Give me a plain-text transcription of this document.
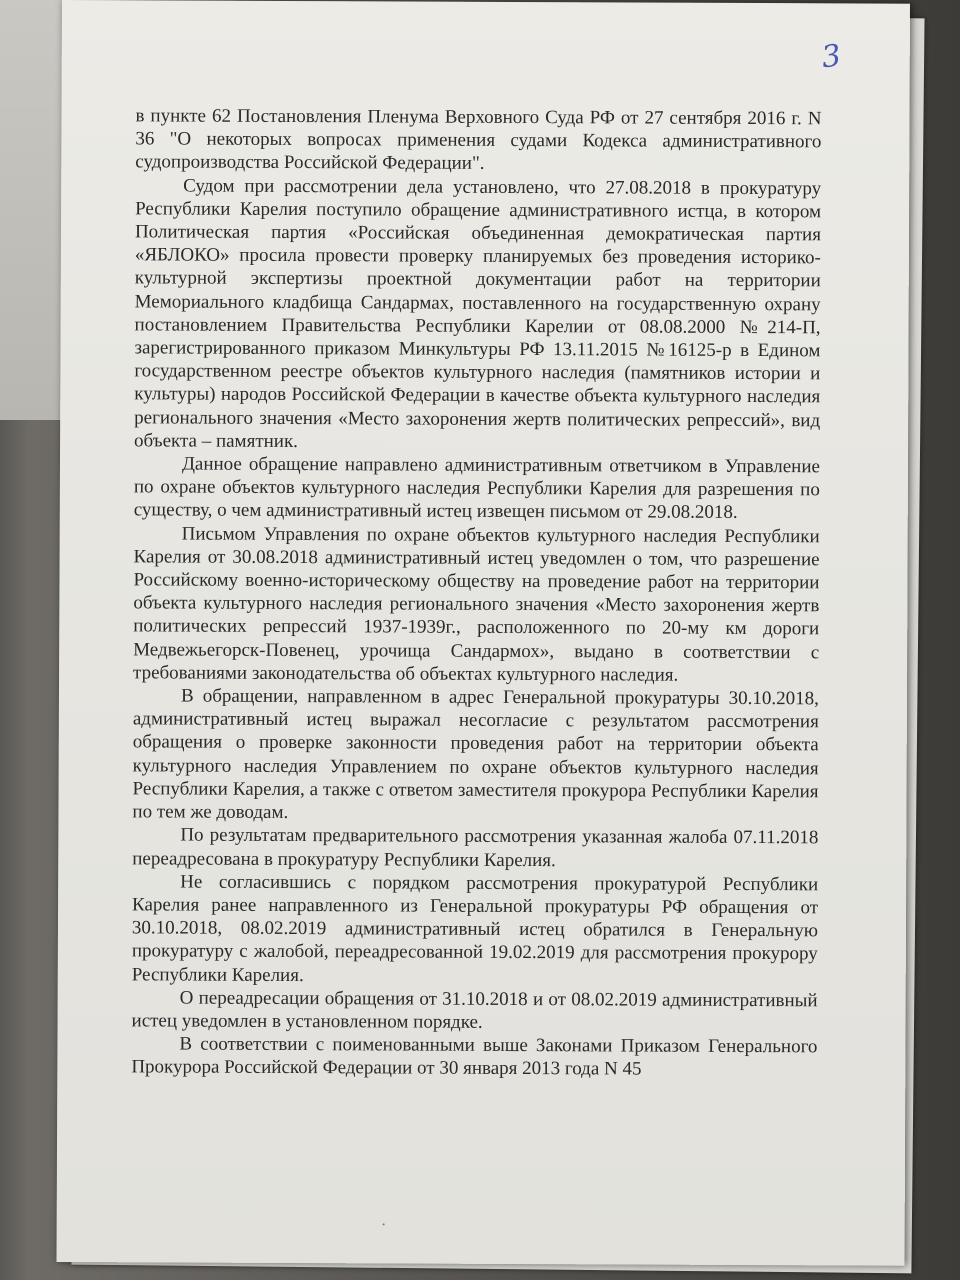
3

в пункте 62 Постановления Пленума Верховного Суда РФ от 27 сентября 2016 г. N 36 "О некоторых вопросах применения судами Кодекса административного судопроизводства Российской Федерации".

Судом при рассмотрении дела установлено, что 27.08.2018 в прокуратуру Республики Карелия поступило обращение административного истца, в котором Политическая партия «Российская объединенная демократическая партия «ЯБЛОКО» просила провести проверку планируемых без проведения историко-культурной экспертизы проектной документации работ на территории Мемориального кладбища Сандармах, поставленного на государственную охрану постановлением Правительства Республики Карелии от 08.08.2000 №214-П, зарегистрированного приказом Минкультуры РФ 13.11.2015 №16125-р в Едином государственном реестре объектов культурного наследия (памятников истории и культуры) народов Российской Федерации в качестве объекта культурного наследия регионального значения «Место захоронения жертв политических репрессий», вид объекта – памятник.

Данное обращение направлено административным ответчиком в Управление по охране объектов культурного наследия Республики Карелия для разрешения по существу, о чем административный истец извещен письмом от 29.08.2018.

Письмом Управления по охране объектов культурного наследия Республики Карелия от 30.08.2018 административный истец уведомлен о том, что разрешение Российскому военно-историческому обществу на проведение работ на территории объекта культурного наследия регионального значения «Место захоронения жертв политических репрессий 1937-1939г., расположенного по 20-му км дороги Медвежьегорск-Повенец, урочища Сандармох», выдано в соответствии с требованиями законодательства об объектах культурного наследия.

В обращении, направленном в адрес Генеральной прокуратуры 30.10.2018, административный истец выражал несогласие с результатом рассмотрения обращения о проверке законности проведения работ на территории объекта культурного наследия Управлением по охране объектов культурного наследия Республики Карелия, а также с ответом заместителя прокурора Республики Карелия по тем же доводам.

По результатам предварительного рассмотрения указанная жалоба 07.11.2018 переадресована в прокуратуру Республики Карелия.

Не согласившись с порядком рассмотрения прокуратурой Республики Карелия ранее направленного из Генеральной прокуратуры РФ обращения от 30.10.2018, 08.02.2019 административный истец обратился в Генеральную прокуратуру с жалобой, переадресованной 19.02.2019 для рассмотрения прокурору Республики Карелия.

О переадресации обращения от 31.10.2018 и от 08.02.2019 административный истец уведомлен в установленном порядке.

В соответствии с поименованными выше Законами Приказом Генерального Прокурора Российской Федерации от 30 января 2013 года N 45
